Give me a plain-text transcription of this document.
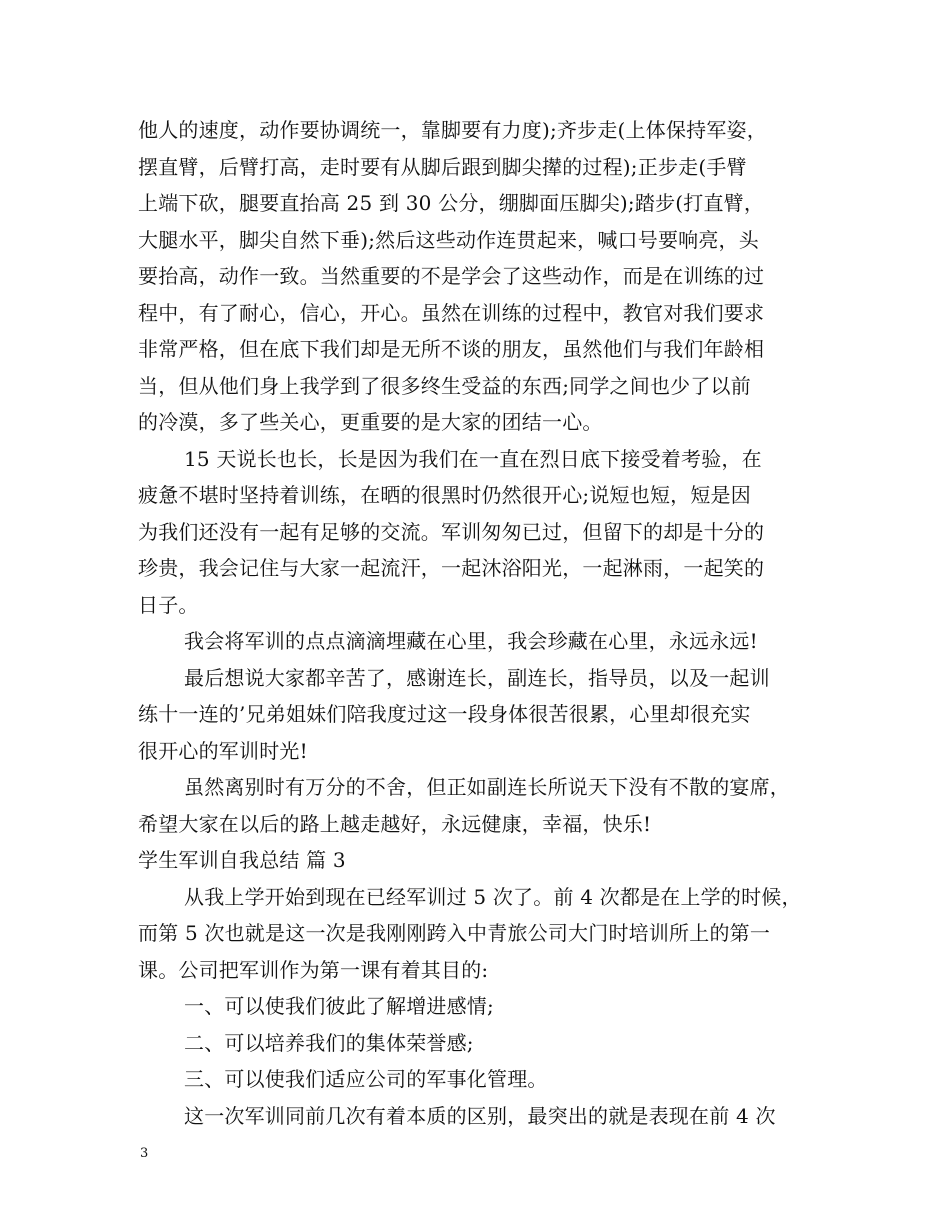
他人的速度，动作要协调统一，靠脚要有力度);齐步走(上体保持军姿，
摆直臂，后臂打高，走时要有从脚后跟到脚尖撵的过程);正步走(手臂
上端下砍，腿要直抬高 25 到 30 公分，绷脚面压脚尖);踏步(打直臂，
大腿水平，脚尖自然下垂);然后这些动作连贯起来，喊口号要响亮，头
要抬高，动作一致。当然重要的不是学会了这些动作，而是在训练的过
程中，有了耐心，信心，开心。虽然在训练的过程中，教官对我们要求
非常严格，但在底下我们却是无所不谈的朋友，虽然他们与我们年龄相
当，但从他们身上我学到了很多终生受益的东西;同学之间也少了以前
的冷漠，多了些关心，更重要的是大家的团结一心。
15 天说长也长，长是因为我们在一直在烈日底下接受着考验，在
疲惫不堪时坚持着训练，在晒的很黑时仍然很开心;说短也短，短是因
为我们还没有一起有足够的交流。军训匆匆已过，但留下的却是十分的
珍贵，我会记住与大家一起流汗，一起沐浴阳光，一起淋雨，一起笑的
日子。
我会将军训的点点滴滴埋藏在心里，我会珍藏在心里，永远永远!
最后想说大家都辛苦了，感谢连长，副连长，指导员，以及一起训
练十一连的’兄弟姐妹们陪我度过这一段身体很苦很累，心里却很充实
很开心的军训时光!
虽然离别时有万分的不舍，但正如副连长所说天下没有不散的宴席，
希望大家在以后的路上越走越好，永远健康，幸福，快乐!
学生军训自我总结 篇 3
从我上学开始到现在已经军训过 5 次了。前 4 次都是在上学的时候，
而第 5 次也就是这一次是我刚刚跨入中青旅公司大门时培训所上的第一
课。公司把军训作为第一课有着其目的:
一、可以使我们彼此了解增进感情;
二、可以培养我们的集体荣誉感;
三、可以使我们适应公司的军事化管理。
这一次军训同前几次有着本质的区别，最突出的就是表现在前 4 次
3
